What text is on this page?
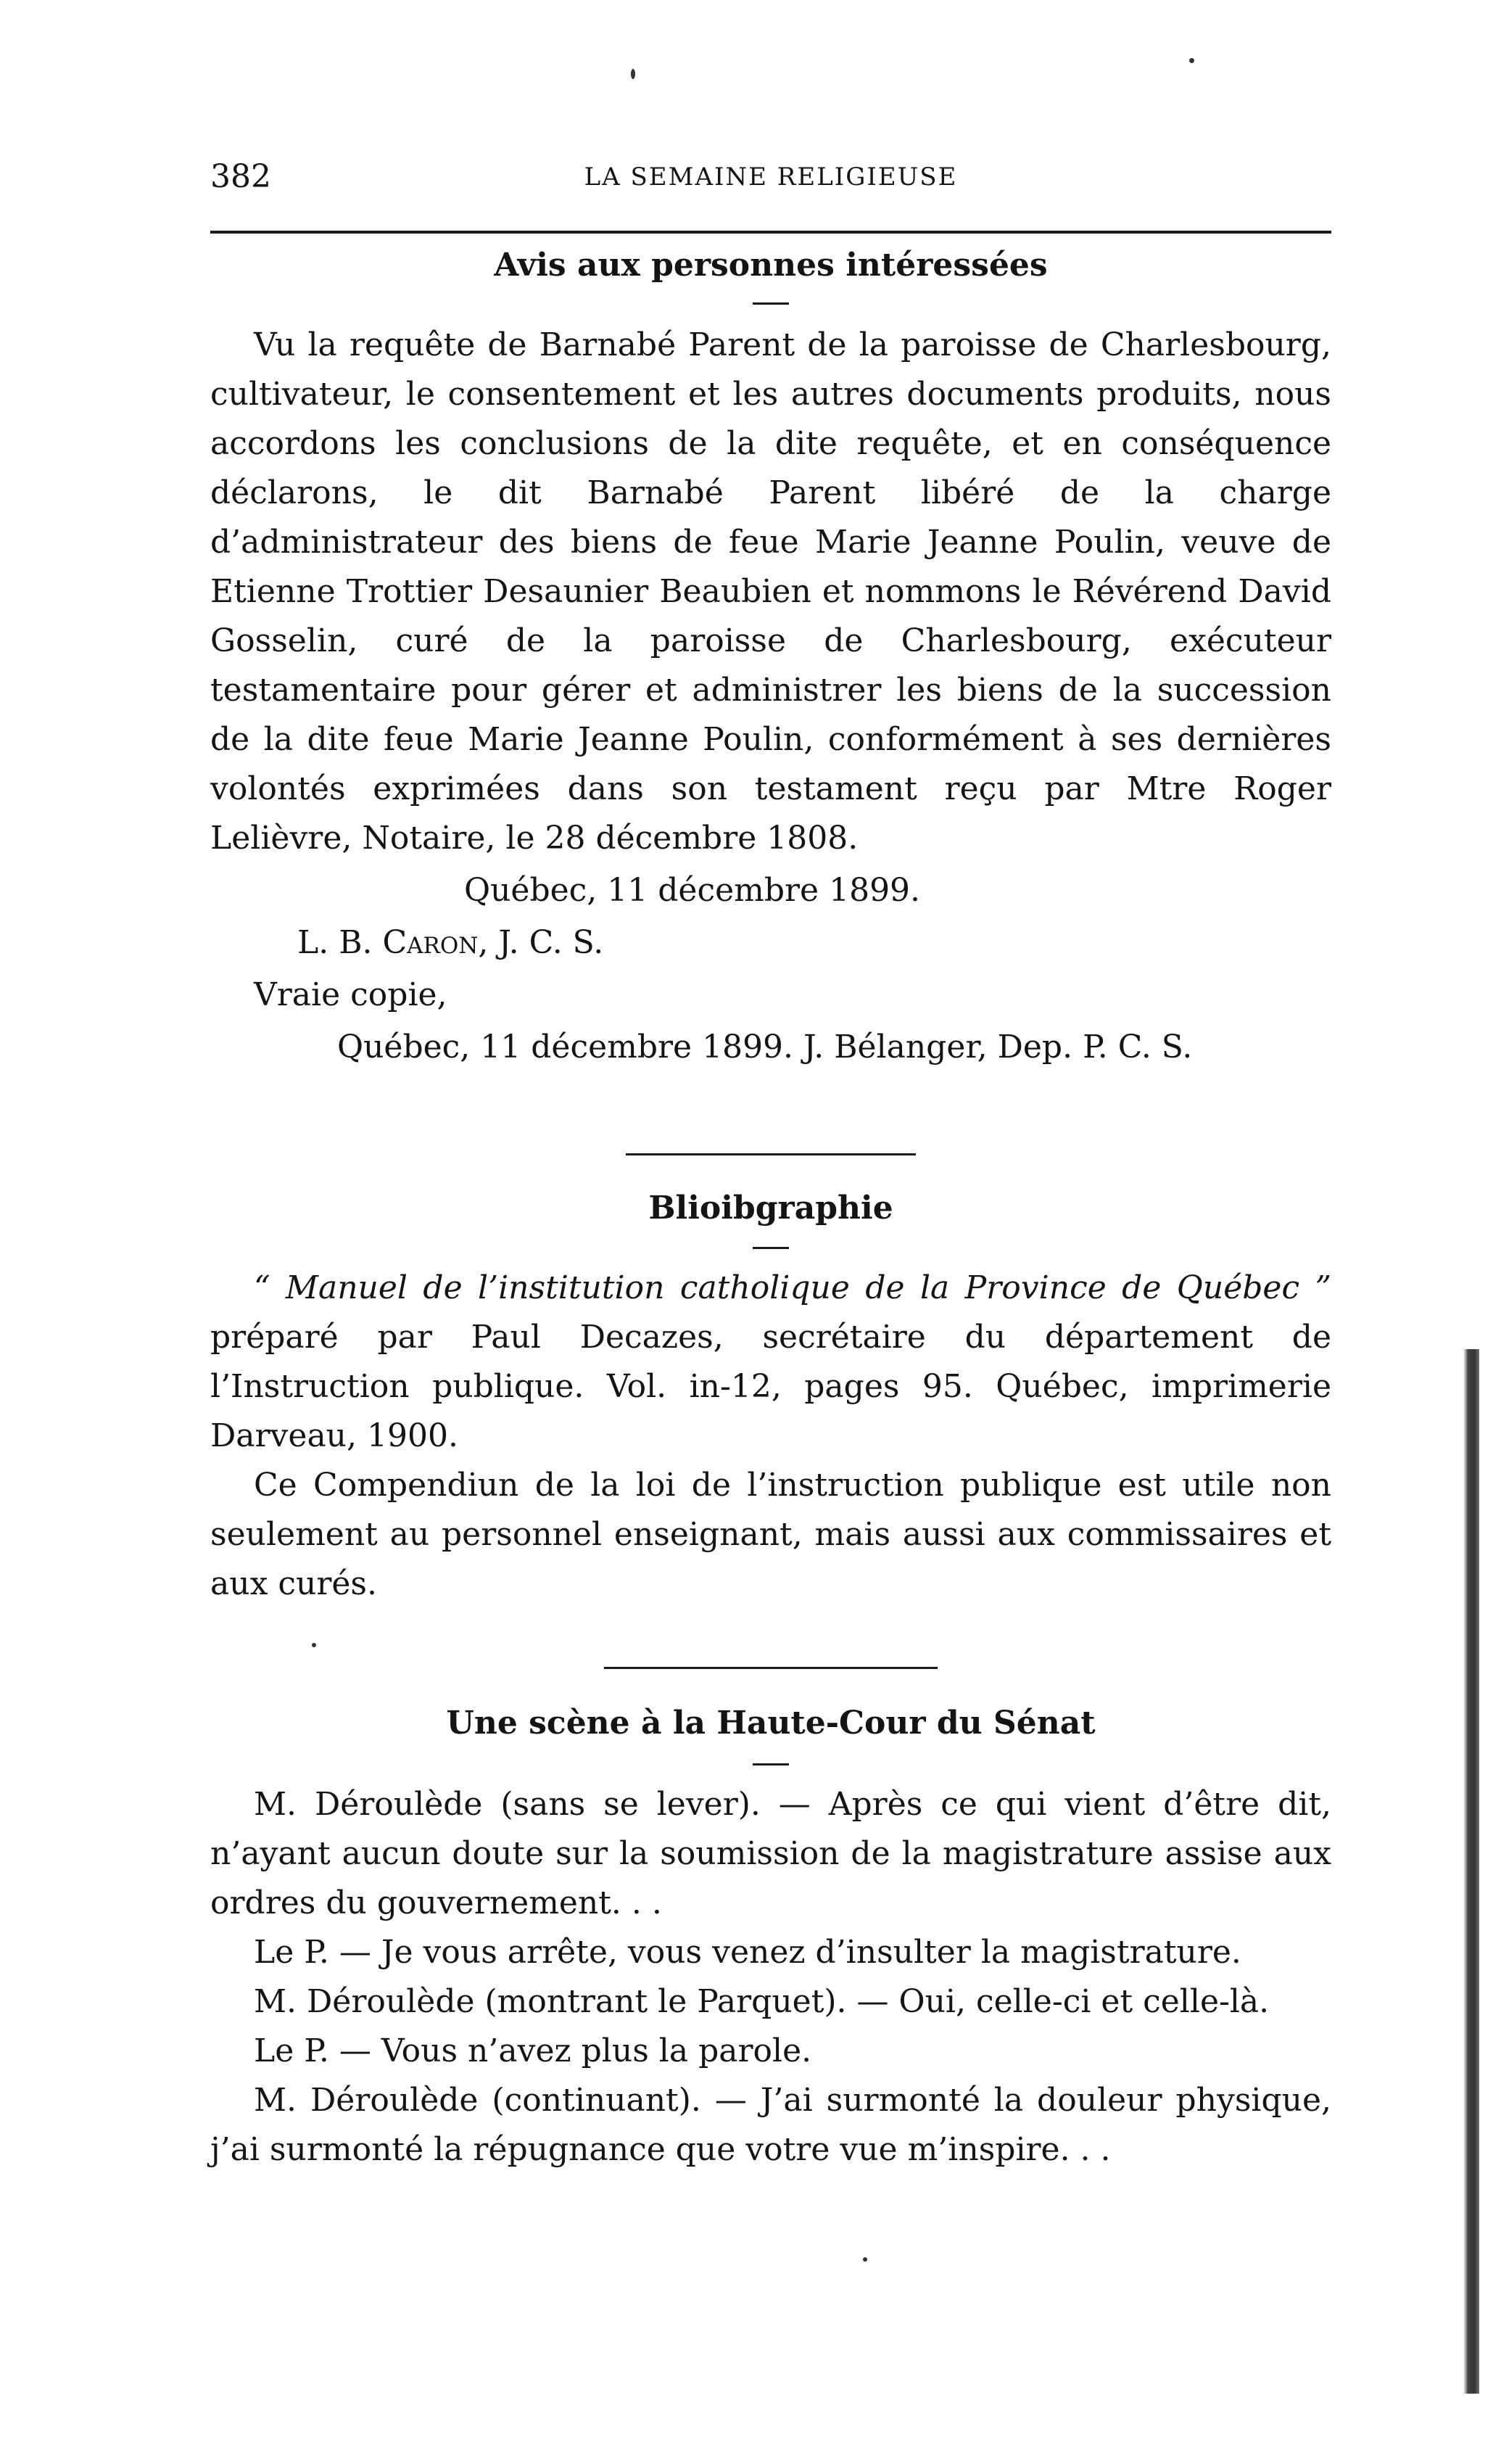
382	LA SEMAINE RELIGIEUSE
Avis aux personnes intéressées

Vu la requête de Barnabé Parent de la paroisse de Charlesbourg, cultivateur, le consentement et les autres documents produits, nous accordons les conclusions de la dite requête, et en conséquence déclarons, le dit Barnabé Parent libéré de la charge d’administrateur des biens de feue Marie Jeanne Poulin, veuve de Etienne Trottier Desaunier Beaubien et nommons le Révérend David Gosselin, curé de la paroisse de Charlesbourg, exécuteur testamentaire pour gérer et administrer les biens de la succession de la dite feue Marie Jeanne Poulin, conformément à ses dernières volontés exprimées dans son testament reçu par Mtre Roger Lelièvre, Notaire, le 28 décembre 1808.

Québec, 11 décembre 1899.
L. B. Caron, J. C. S.
Vraie copie,
Québec, 11 décembre 1899. J. Bélanger, Dep. P. C. S.
Blioibgraphie

“ Manuel de l’institution catholique de la Province de Québec ” préparé par Paul Decazes, secrétaire du département de l’Instruction publique. Vol. in-12, pages 95. Québec, imprimerie Darveau, 1900.

Ce Compendiun de la loi de l’instruction publique est utile non seulement au personnel enseignant, mais aussi aux commissaires et aux curés.

Une scène à la Haute-Cour du Sénat

M. Déroulède (sans se lever). — Après ce qui vient d’être dit, n’ayant aucun doute sur la soumission de la magistrature assise aux ordres du gouvernement. . .

Le P. — Je vous arrête, vous venez d’insulter la magistrature.

M. Déroulède (montrant le Parquet). — Oui, celle-ci et celle-là.

Le P. — Vous n’avez plus la parole.

M. Déroulède (continuant). — J’ai surmonté la douleur physique, j’ai surmonté la répugnance que votre vue m’inspire. . .
